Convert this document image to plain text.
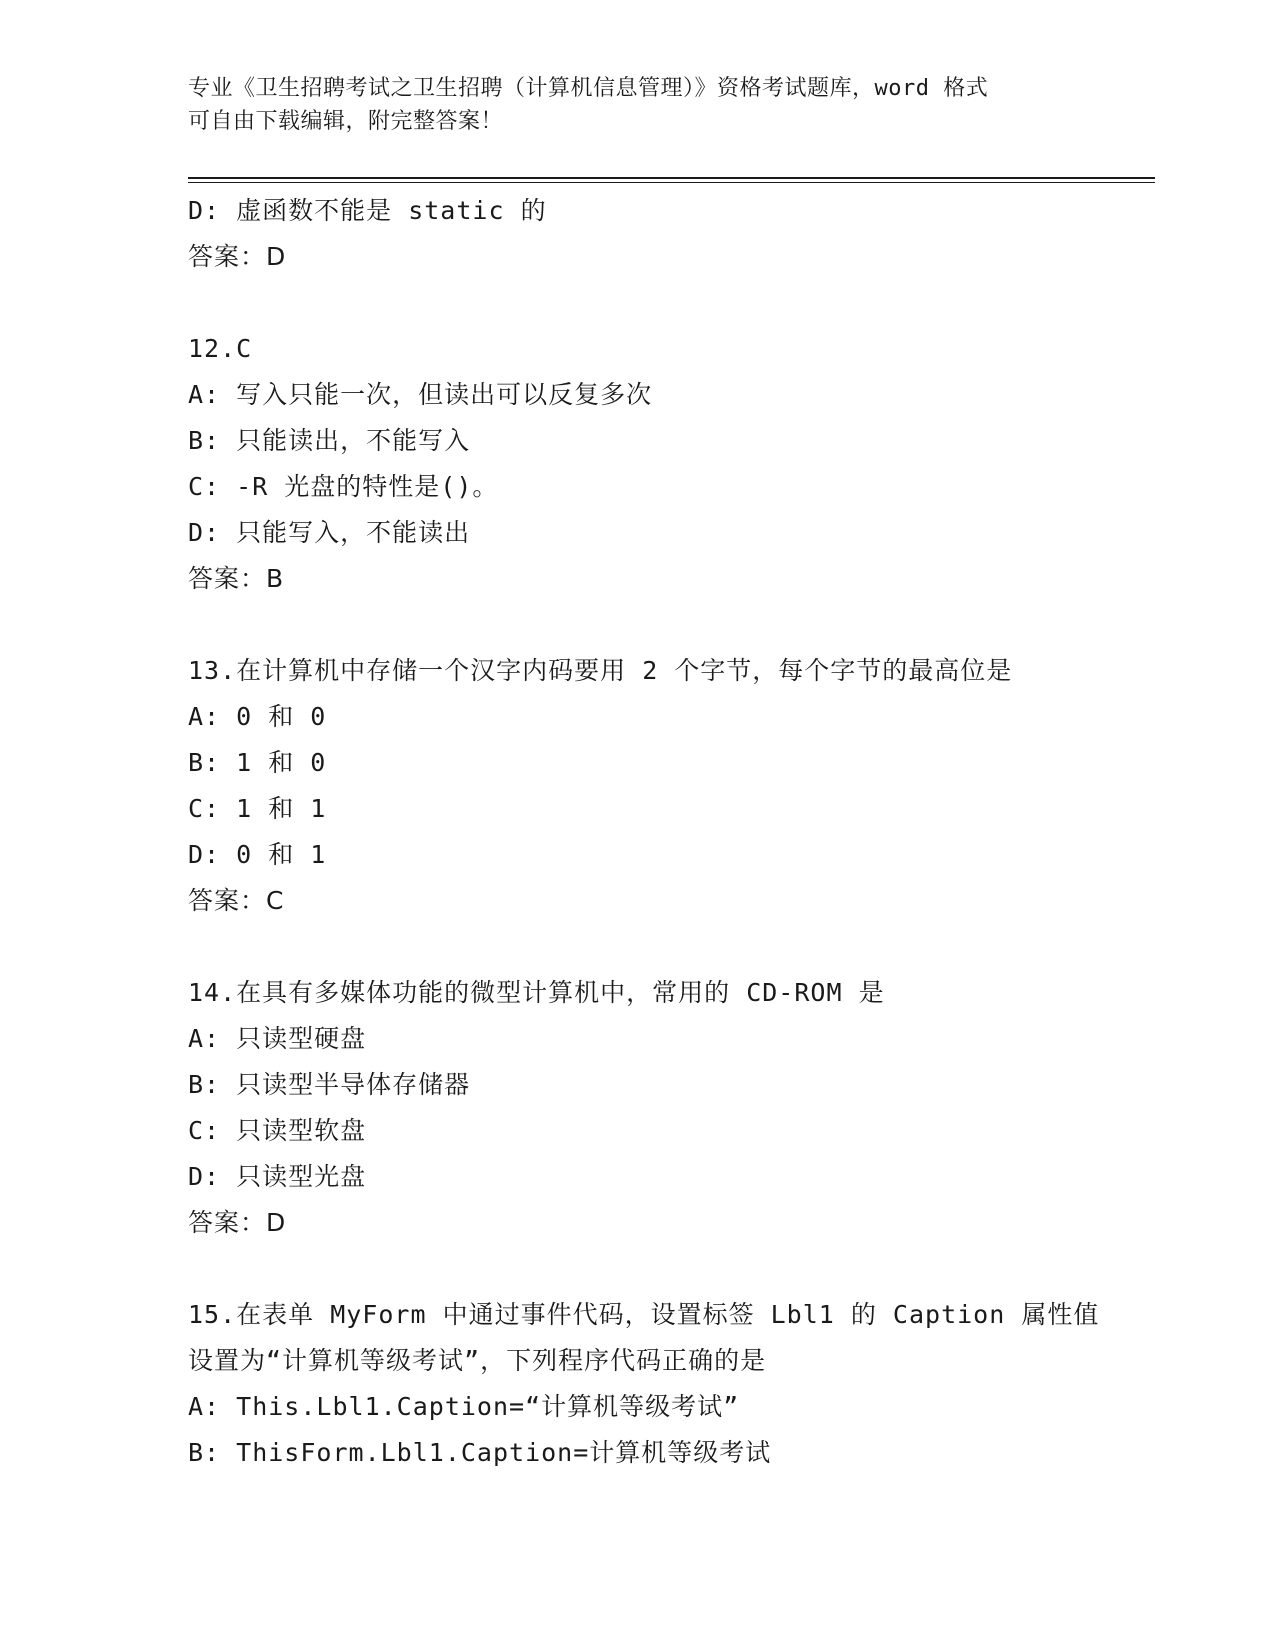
专业《卫生招聘考试之卫生招聘（计算机信息管理）》资格考试题库，word 格式
可自由下载编辑，附完整答案！
D: 虚函数不能是 static 的
答案：D
12.C
A: 写入只能一次，但读出可以反复多次
B: 只能读出，不能写入
C: -R 光盘的特性是()。
D: 只能写入，不能读出
答案：B
13.在计算机中存储一个汉字内码要用 2 个字节，每个字节的最高位是
A: 0 和 0
B: 1 和 0
C: 1 和 1
D: 0 和 1
答案：C
14.在具有多媒体功能的微型计算机中，常用的 CD-ROM 是
A: 只读型硬盘
B: 只读型半导体存储器
C: 只读型软盘
D: 只读型光盘
答案：D
15.在表单 MyForm 中通过事件代码，设置标签 Lbl1 的 Caption 属性值
设置为“计算机等级考试”，下列程序代码正确的是
A: This.Lbl1.Caption=“计算机等级考试”
B: ThisForm.Lbl1.Caption=计算机等级考试
